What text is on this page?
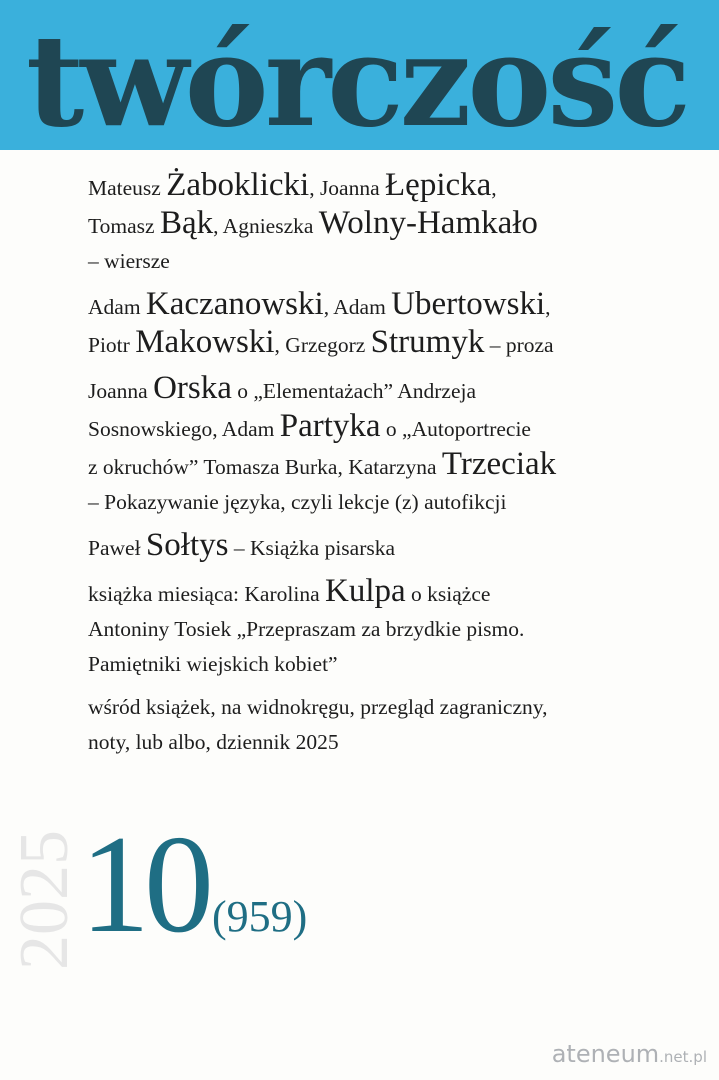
twórczość
Mateusz Żaboklicki, Joanna Łępicka,
Tomasz Bąk, Agnieszka Wolny-Hamkało
– wiersze
Adam Kaczanowski, Adam Ubertowski,
Piotr Makowski, Grzegorz Strumyk – proza
Joanna Orska o „Elementażach” Andrzeja
Sosnowskiego, Adam Partyka o „Autoportrecie
z okruchów” Tomasza Burka, Katarzyna Trzeciak
– Pokazywanie języka, czyli lekcje (z) autofikcji
Paweł Sołtys – Książka pisarska
książka miesiąca: Karolina Kulpa o książce
Antoniny Tosiek „Przepraszam za brzydkie pismo.
Pamiętniki wiejskich kobiet”
wśród książek, na widnokręgu, przegląd zagraniczny,
noty, lub albo, dziennik 2025
2025
10(959)
ateneum.net.pl
